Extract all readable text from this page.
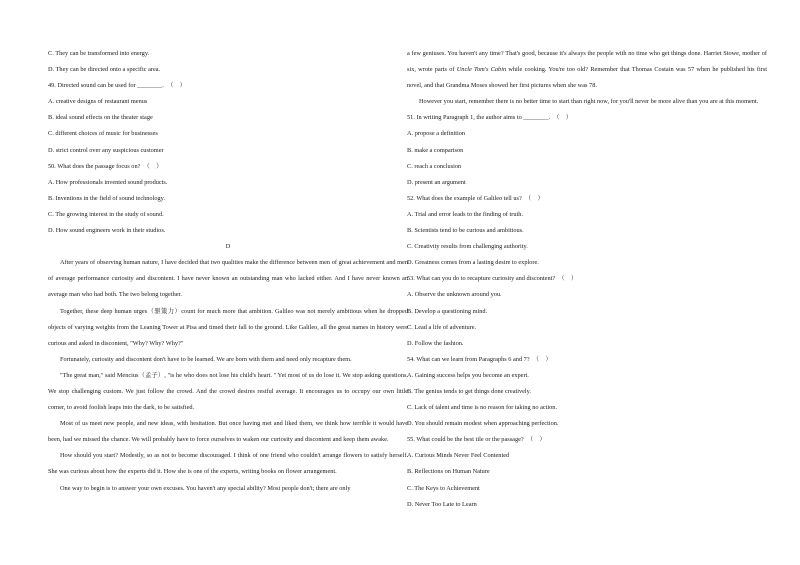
C. They can be transformed into energy.
D. They can be directed onto a specific area.
49. Directed sound can be used for ________.  （    ）
A. creative designs of restaurant menus
B. ideal sound effects on the theater stage
C. different choices of music for businesses
D. strict control over any suspicious customer
50. What does the passage focus on?  （    ）
A. How professionals invented sound products.
B. Inventions in the field of sound technology.
C. The growing interest in the study of sound.
D. How sound engineers work in their studios.
D
After years of observing human nature, I have decided that two qualities make the difference between men of great achievement and men of average performance curiosity and discontent. I have never known an outstanding man who lacked either. And I have never known an average man who had both. The two belong together.
Together, these deep human urges（驱策力）count for much more that ambition. Galileo was not merely ambitious when he dropped objects of varying weights from the Leaning Tower at Pisa and timed their fall to the ground. Like Galileo, all the great names in history were curious and asked in discontent, "Why? Why? Why?"
Fortunately, curiosity and discontent don't have to be learned. We are born with them and need only recapture them.
"The great man," said Mencius（孟子）, "is he who does not lose his child's heart. " Yet most of us do lose it. We stop asking questions. We stop challenging custom. We just follow the crowd. And the crowd desires restful average. It encourages us to occupy our own little corner, to avoid foolish leaps into the dark, to be satisfied.
Most of us meet new people, and new ideas, with hesitation. But once having met and liked them, we think how terrible it would have been, had we missed the chance. We will probably have to force ourselves to waken our curiosity and discontent and keep them awake.
How should you start? Modestly, so as not to become discouraged. I think of one friend who couldn't arrange flowers to satisfy herself. She was curious about how the experts did it. How she is one of the experts, writing books on flower arrangement.
One way to begin is to answer your own excuses. You haven't any special ability? Most people don't; there are only
a few geniuses. You haven't any time? That's good, because it's always the people with no time who get things done. Harriet Stowe, mother of six, wrote parts of Uncle Tom's Cabin while cooking. You're too old? Remember that Thomas Costain was 57 when he published his first novel, and that Grandma Moses showed her first pictures when she was 78.
However you start, remember there is no better time to start than right now, for you'll never be more alive than you are at this moment.
51. In writing Paragraph 1, the author aims to ________.  （    ）
A. propose a definition
B. make a comparison
C. reach a conclusion
D. present an argument
52. What does the example of Galileo tell us?  （    ）
A. Trial and error leads to the finding of truth.
B. Scientists tend to be curious and ambitious.
C. Creativity results from challenging authority.
D. Greatness comes from a lasting desire to explore.
53. What can you do to recapture curiosity and discontent?  （    ）
A. Observe the unknown around you.
B. Develop a questioning mind.
C. Lead a life of adventure.
D. Follow the fashion.
54. What can we learn from Paragraphs 6 and 7?  （    ）
A. Gaining success helps you become an expert.
B. The genius tends to get things done creatively.
C. Lack of talent and time is no reason for taking no action.
D. You should remain modest when approaching perfection.
55. What could be the best tile or the passage?  （    ）
A. Curious Minds Never Feel Contented
B. Reflections on Human Nature
C. The Keys to Achievement
D. Never Too Late to Learn
